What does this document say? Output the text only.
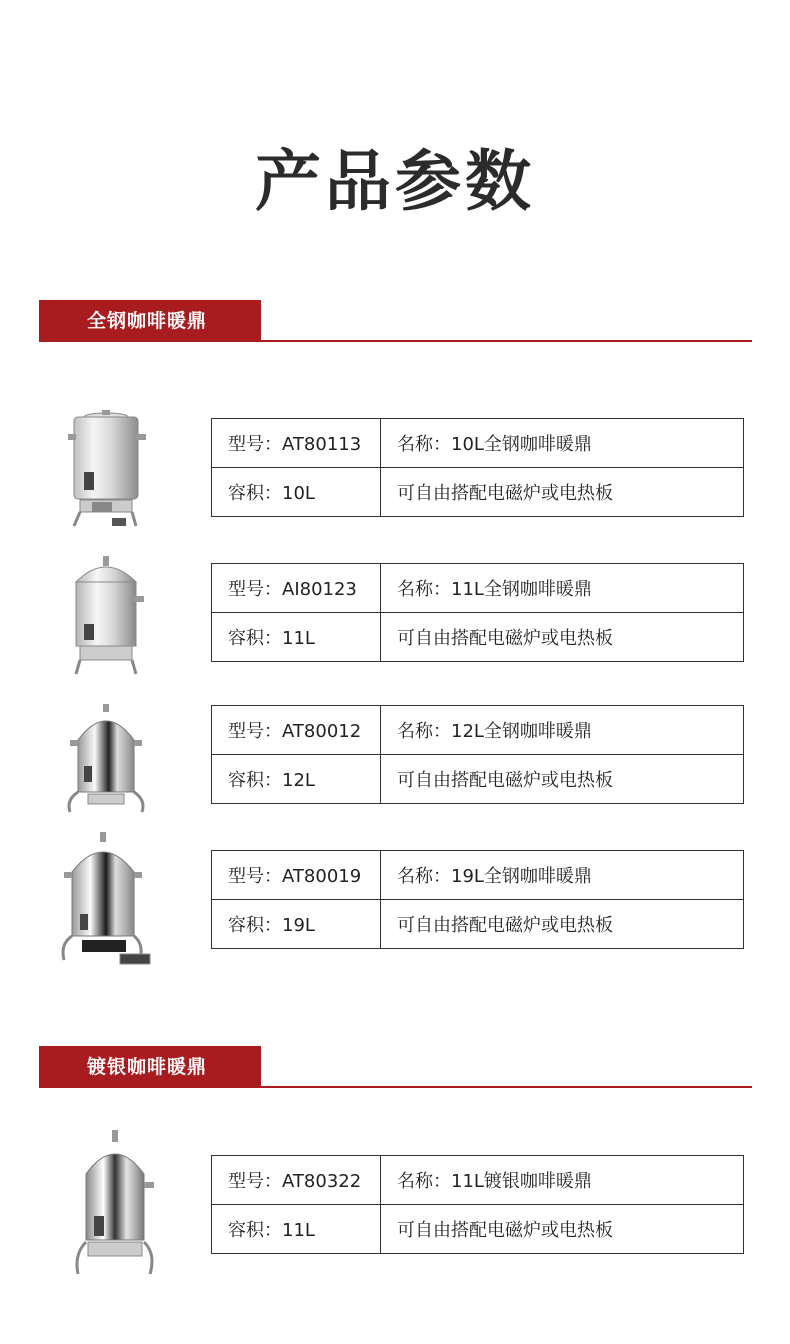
产品参数
全钢咖啡暖鼎
型号：AT80113	名称：10L全钢咖啡暖鼎
容积：10L	可自由搭配电磁炉或电热板
型号：AI80123	名称：11L全钢咖啡暖鼎
容积：11L	可自由搭配电磁炉或电热板
型号：AT80012	名称：12L全钢咖啡暖鼎
容积：12L	可自由搭配电磁炉或电热板
型号：AT80019	名称：19L全钢咖啡暖鼎
容积：19L	可自由搭配电磁炉或电热板
镀银咖啡暖鼎
型号：AT80322	名称：11L镀银咖啡暖鼎
容积：11L	可自由搭配电磁炉或电热板
